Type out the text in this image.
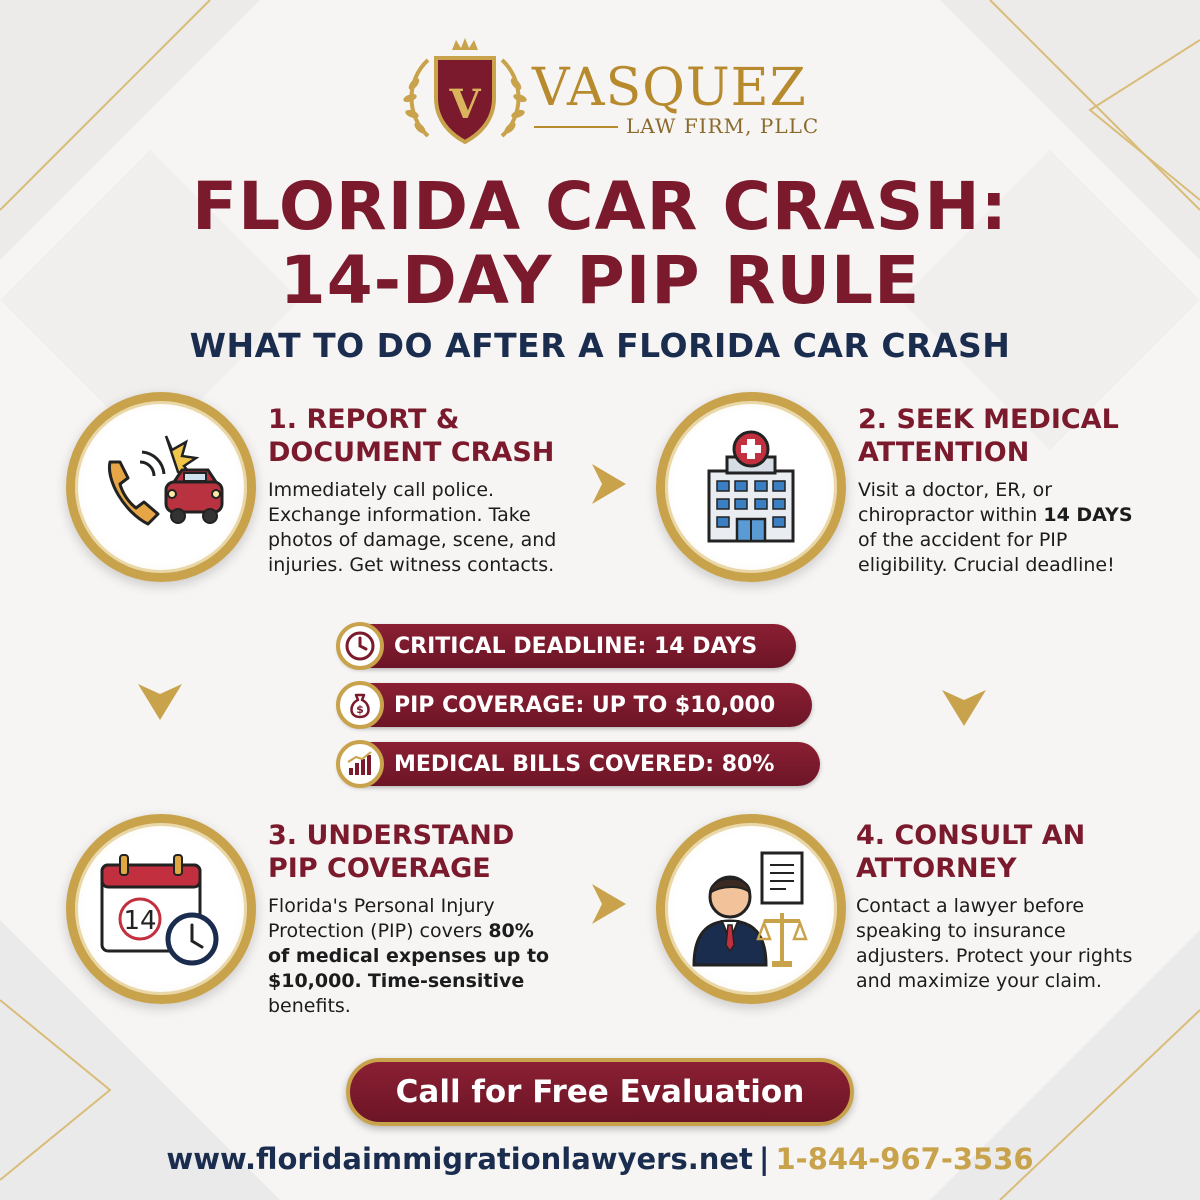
V VASQUEZ
LAW FIRM, PLLC
FLORIDA CAR CRASH:
14-DAY PIP RULE
WHAT TO DO AFTER A FLORIDA CAR CRASH
1. REPORT &
DOCUMENT CRASH
Immediately call police. Exchange information. Take photos of damage, scene, and injuries. Get witness contacts.
2. SEEK MEDICAL
ATTENTION
Visit a doctor, ER, or chiropractor within 14 DAYS of the accident for PIP eligibility. Crucial deadline!
CRITICAL DEADLINE: 14 DAYS
$ PIP COVERAGE: UP TO $10,000
MEDICAL BILLS COVERED: 80%
14
3. UNDERSTAND
PIP COVERAGE
Florida's Personal Injury Protection (PIP) covers 80% of medical expenses up to $10,000. Time-sensitive benefits.
4. CONSULT AN
ATTORNEY
Contact a lawyer before speaking to insurance adjusters. Protect your rights and maximize your claim.
Call for Free Evaluation
www.floridaimmigrationlawyers.net | 1-844-967-3536
